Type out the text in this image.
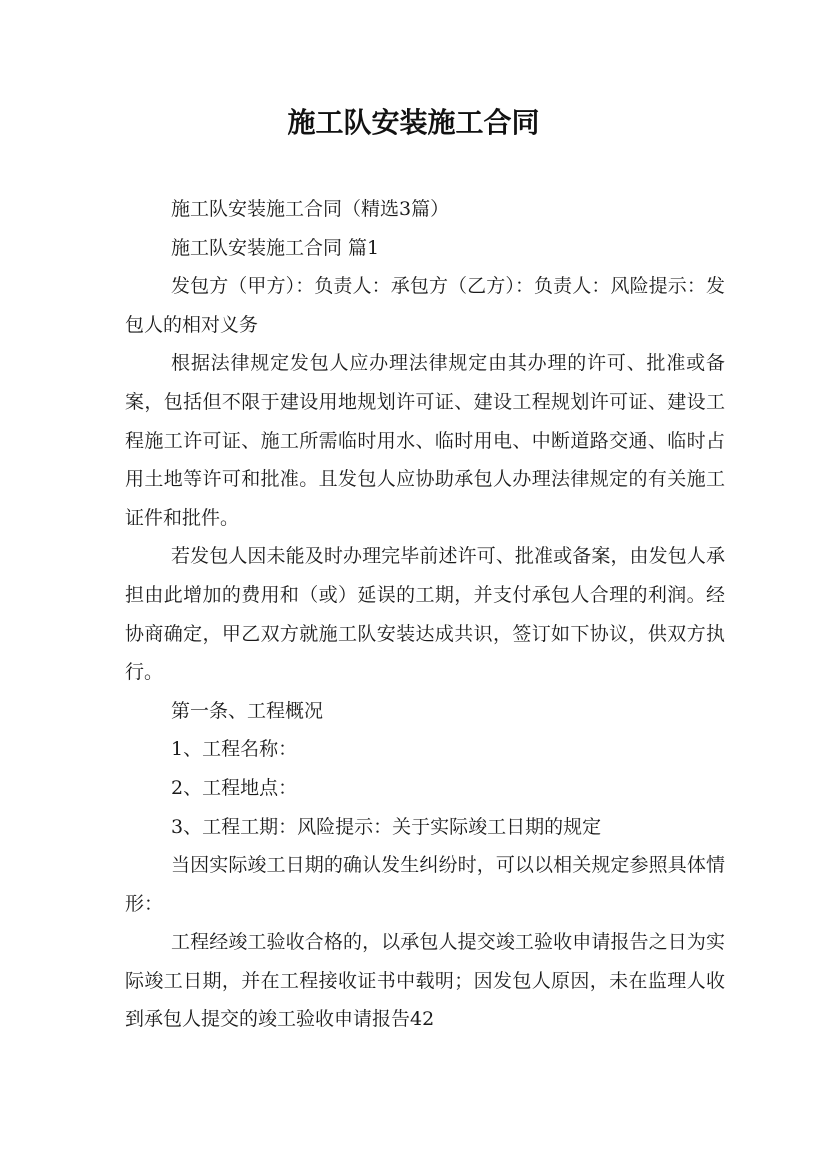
施工队安装施工合同

施工队安装施工合同（精选3篇）

施工队安装施工合同 篇1

发包方（甲方）：负责人：承包方（乙方）：负责人：风险提示：发包人的相对义务

根据法律规定发包人应办理法律规定由其办理的许可、批准或备案，包括但不限于建设用地规划许可证、建设工程规划许可证、建设工程施工许可证、施工所需临时用水、临时用电、中断道路交通、临时占用土地等许可和批准。且发包人应协助承包人办理法律规定的有关施工证件和批件。

若发包人因未能及时办理完毕前述许可、批准或备案，由发包人承担由此增加的费用和（或）延误的工期，并支付承包人合理的利润。经协商确定，甲乙双方就施工队安装达成共识，签订如下协议，供双方执行。

第一条、工程概况

1、工程名称：

2、工程地点：

3、工程工期：风险提示：关于实际竣工日期的规定

当因实际竣工日期的确认发生纠纷时，可以以相关规定参照具体情形：

工程经竣工验收合格的，以承包人提交竣工验收申请报告之日为实际竣工日期，并在工程接收证书中载明；因发包人原因，未在监理人收到承包人提交的竣工验收申请报告42
